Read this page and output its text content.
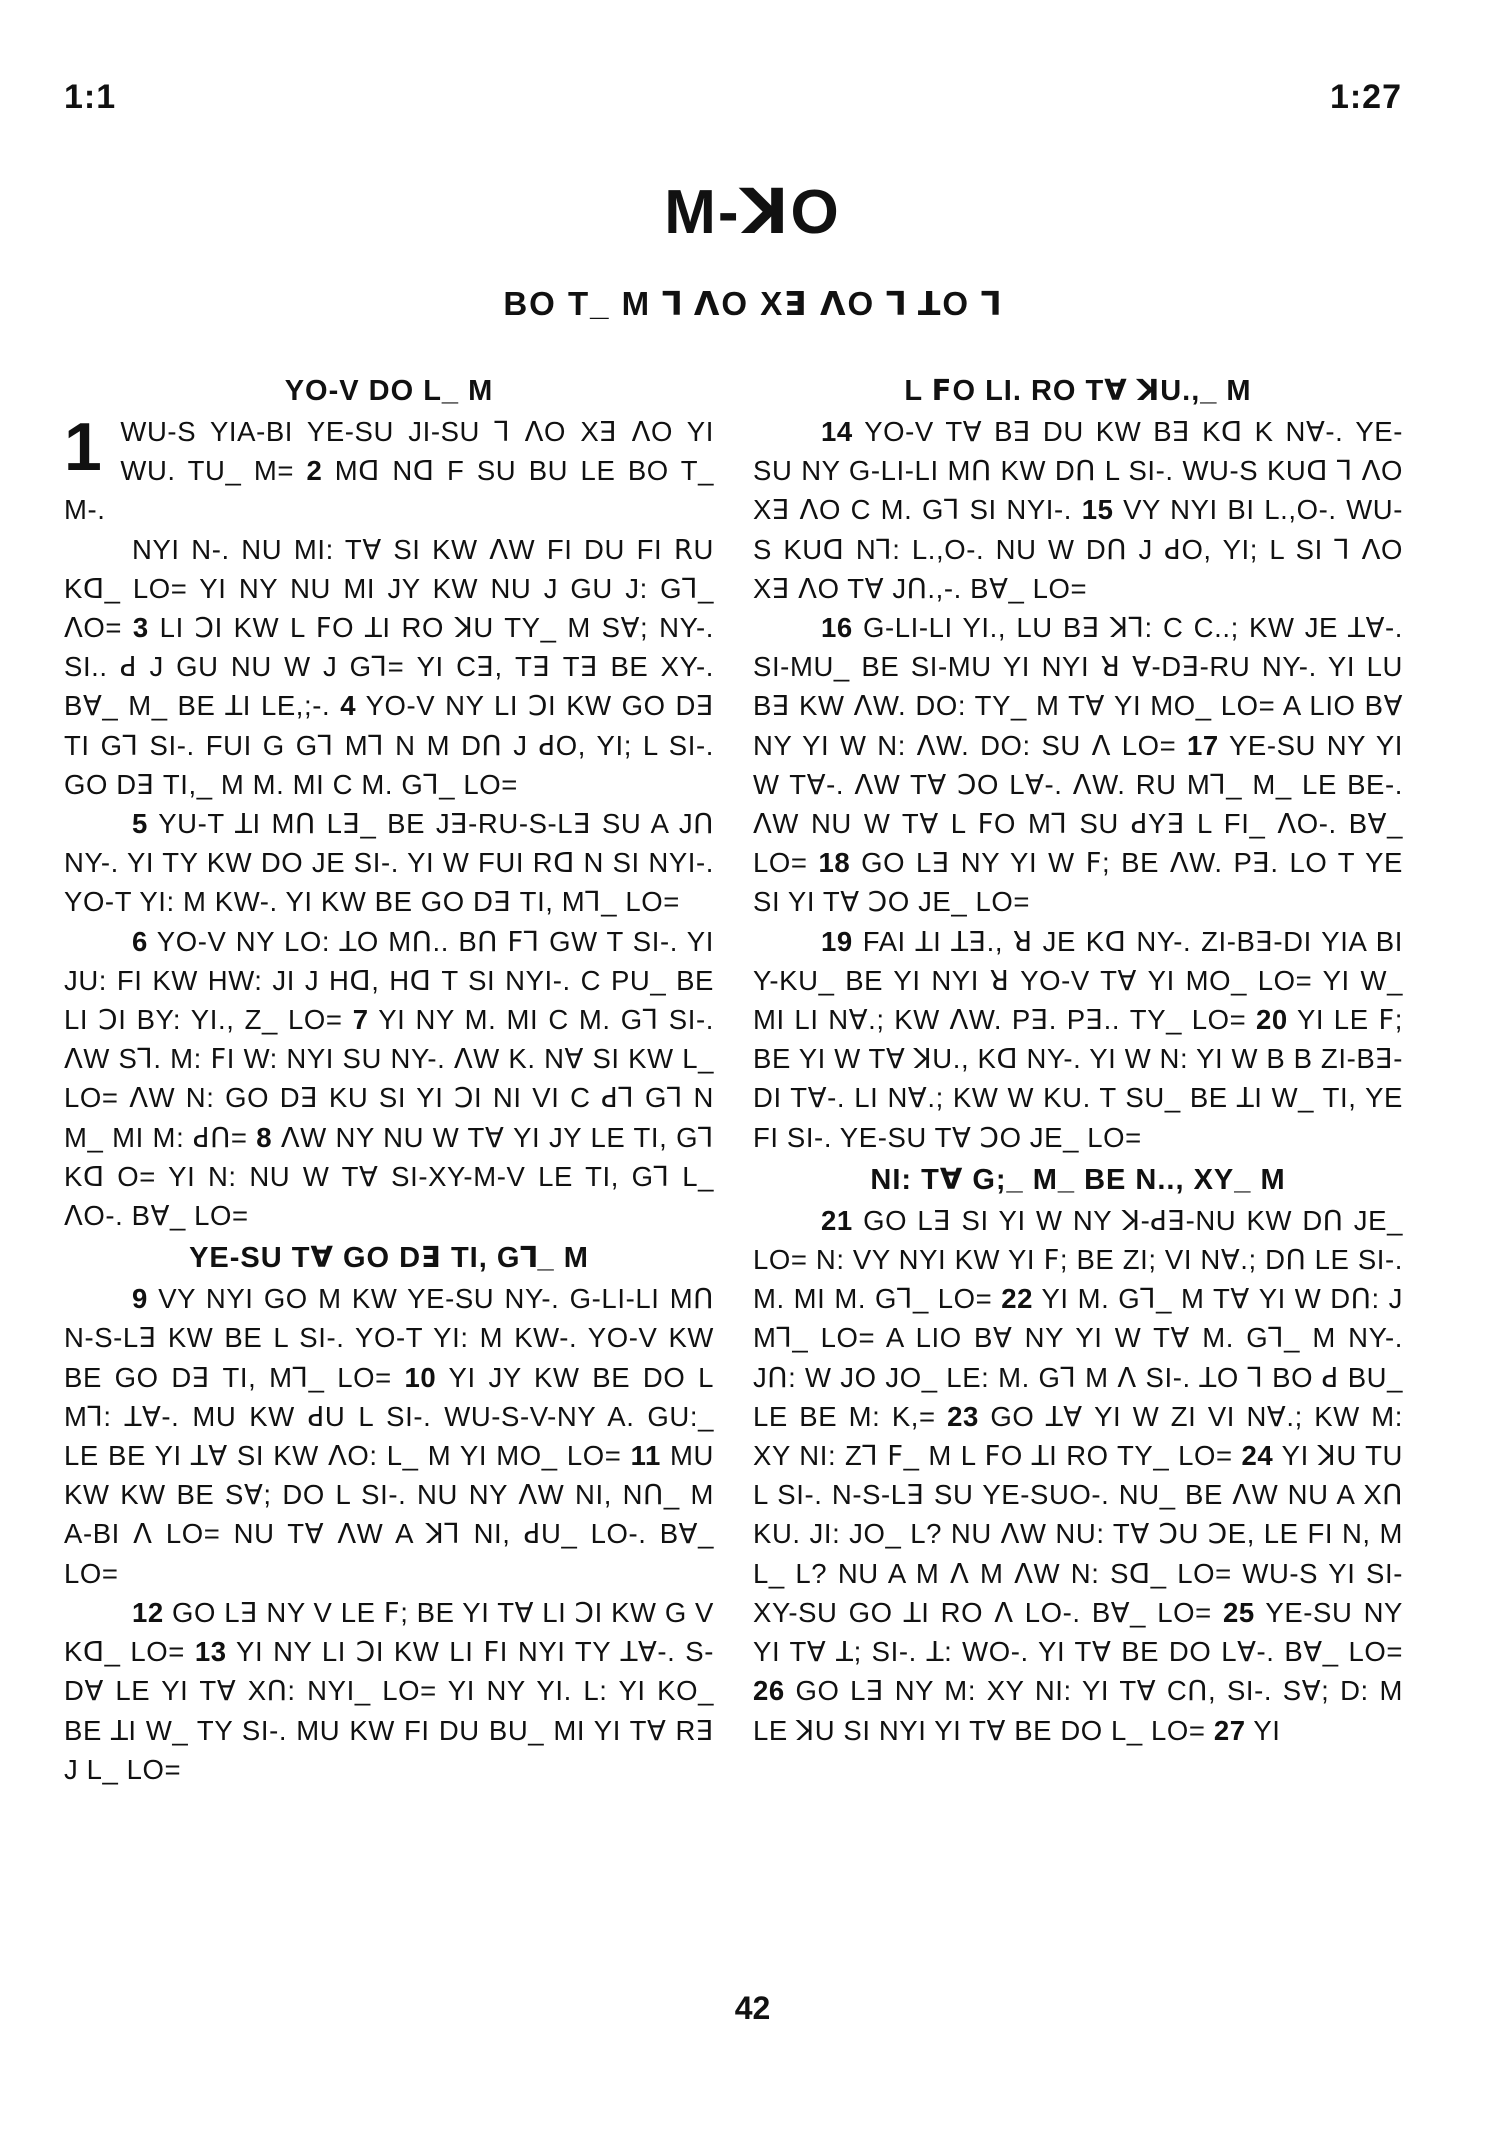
1:1	1:27
M-ꓘO
BO T_ M ꓶ ꓥO Xꓱ ꓥO ꓶ ꓕO ꓶ
YO-V DO L_ M

1 WU-S YIA-BI YE-SU JI-SU ꓶ ꓥO Xꓱ ꓥO YI WU. TU_ M= 2 Mꓷ Nꓷ F SU BU LE BO T_ M-.

NYI N-. NU MI: Tꓯ SI KW ꓥW FI DU FI ꓣU Kꓷ_ LO= YI NY NU MI JY KW NU J GU J: Gꓶ_ ꓥO= 3 LI ꓛI KW L ꓝO ꓕI RO ꓘU TY_ M Sꓯ; NY-. SI.. ꓒ J GU NU W J Gꓶ= YI Cꓱ, Tꓱ Tꓱ BE XY-. Bꓯ_ M_ BE ꓕI LE,;-. 4 YO-V NY LI ꓛI KW GO Dꓱ TI Gꓶ SI-. FUI G Gꓶ Mꓶ N M Dꓵ J ꓒO, YI; L SI-. GO Dꓱ TI,_ M M. MI C M. Gꓶ_ LO=

5 YU-T ꓕI Mꓵ Lꓱ_ BE Jꓱ-RU-S-Lꓱ SU A Jꓵ NY-. YI TY KW DO JE SI-. YI W FUI Rꓷ N SI NYI-. YO-T YI: M KW-. YI KW BE GO Dꓱ TI, Mꓶ_ LO=

6 YO-V NY LO: ꓕO Mꓵ.. Bꓵ ꓝꓶ GW T SI-. YI JU: FI KW HW: JI J Hꓷ, Hꓷ T SI NYI-. C PU_ BE LI ꓛI BY: YI., Z_ LO= 7 YI NY M. MI C M. Gꓶ SI-. ꓥW Sꓶ. M: ꓝI W: NYI SU NY-. ꓥW K. Nꓯ SI KW L_ LO= ꓥW N: GO Dꓱ KU SI YI ꓛI NI VI C ꓒꓶ Gꓶ N M_ MI M: ꓒꓵ= 8 ꓥW NY NU W Tꓯ YI JY LE TI, Gꓶ Kꓷ O= YI N: NU W Tꓯ SI-XY-M-V LE TI, Gꓶ L_ ꓥO-. Bꓯ_ LO=

YE-SU Tꓯ GO Dꓱ TI, Gꓶ_ M

9 VY NYI GO M KW YE-SU NY-. G-LI-LI Mꓵ N-S-Lꓱ KW BE L SI-. YO-T YI: M KW-. YO-V KW BE GO Dꓱ TI, Mꓶ_ LO= 10 YI JY KW BE DO L Mꓶ: ꓕꓯ-. MU KW ꓒU L SI-. WU-S-V-NY A. GU:_ LE BE YI ꓕꓯ SI KW ꓥO: L_ M YI MO_ LO= 11 MU KW KW BE Sꓯ; DO L SI-. NU NY ꓥW NI, Nꓵ_ M A-BI ꓥ LO= NU Tꓯ ꓥW A ꓘꓶ NI, ꓒU_ LO-. Bꓯ_ LO=

12 GO Lꓱ NY V LE ꓝ; BE YI Tꓯ LI ꓛI KW G V Kꓷ_ LO= 13 YI NY LI ꓛI KW LI ꓝI NYI TY ꓕꓯ-. S-Dꓯ LE YI Tꓯ Xꓵ: NYI_ LO= YI NY YI. L: YI KO_ BE ꓕI W_ TY SI-. MU KW FI DU BU_ MI YI Tꓯ Rꓱ J L_ LO=

L ꓝO LI. RO Tꓯ ꓘU.,_ M

14 YO-V Tꓯ Bꓱ DU KW Bꓱ Kꓷ K Nꓯ-. YE-SU NY G-LI-LI Mꓵ KW Dꓵ L SI-. WU-S KUꓷ ꓶ ꓥO Xꓱ ꓥO C M. Gꓶ SI NYI-. 15 VY NYI BI L.,O-. WU-S KUꓷ Nꓶ: L.,O-. NU W Dꓵ J ꓒO, YI; L SI ꓶ ꓥO Xꓱ ꓥO Tꓯ Jꓵ.,-. Bꓯ_ LO=

16 G-LI-LI YI., LU Bꓱ ꓘꓶ: C C..; KW JE ꓕꓯ-. SI-MU_ BE SI-MU YI NYI ꓤ ꓯ-Dꓱ-RU NY-. YI LU Bꓱ KW ꓥW. DO: TY_ M Tꓯ YI MO_ LO= A LIO Bꓯ NY YI W N: ꓥW. DO: SU ꓥ LO= 17 YE-SU NY YI W Tꓯ-. ꓥW Tꓯ ꓛO Lꓯ-. ꓥW. RU Mꓶ_ M_ LE BE-. ꓥW NU W Tꓯ L ꓝO Mꓶ SU ꓒYꓱ L FI_ ꓥO-. Bꓯ_ LO= 18 GO Lꓱ NY YI W ꓝ; BE ꓥW. Pꓱ. LO T YE SI YI Tꓯ ꓛO JE_ LO=

19 FAI ꓕI ꓕꓱ., ꓤ JE Kꓷ NY-. ZI-Bꓱ-DI YIA BI Y-KU_ BE YI NYI ꓤ YO-V Tꓯ YI MO_ LO= YI W_ MI LI Nꓯ.; KW ꓥW. Pꓱ. Pꓱ.. TY_ LO= 20 YI LE ꓝ; BE YI W Tꓯ ꓘU., Kꓷ NY-. YI W N: YI W B B ZI-Bꓱ-DI Tꓯ-. LI Nꓯ.; KW W KU. T SU_ BE ꓕI W_ TI, YE FI SI-. YE-SU Tꓯ ꓛO JE_ LO=

NI: Tꓯ G;_ M_ BE N.., XY_ M

21 GO Lꓱ SI YI W NY ꓘ-ꓒꓱ-NU KW Dꓵ JE_ LO= N: VY NYI KW YI ꓝ; BE ZI; VI Nꓯ.; Dꓵ LE SI-. M. MI M. Gꓶ_ LO= 22 YI M. Gꓶ_ M Tꓯ YI W Dꓵ: J Mꓶ_ LO= A LIO Bꓯ NY YI W Tꓯ M. Gꓶ_ M NY-. Jꓵ: W JO JO_ LE: M. Gꓶ M ꓥ SI-. ꓕO ꓶ BO ꓒ BU_ LE BE M: K,= 23 GO ꓕꓯ YI W ZI VI Nꓯ.; KW M: XY NI: Zꓶ ꓝ_ M L ꓝO ꓕI RO TY_ LO= 24 YI ꓘU TU L SI-. N-S-Lꓱ SU YE-SUO-. NU_ BE ꓥW NU A Xꓵ KU. JI: JO_ L? NU ꓥW NU: Tꓯ ꓛU ꓛE, LE FI N, M L_ L? NU A M ꓥ M ꓥW N: Sꓷ_ LO= WU-S YI SI-XY-SU GO ꓕI RO ꓥ LO-. Bꓯ_ LO= 25 YE-SU NY YI Tꓯ ꓕ; SI-. ꓕ: WO-. YI Tꓯ BE DO Lꓯ-. Bꓯ_ LO= 26 GO Lꓱ NY M: XY NI: YI Tꓯ Cꓵ, SI-. Sꓯ; D: M LE ꓘU SI NYI YI Tꓯ BE DO L_ LO= 27 YI

42
